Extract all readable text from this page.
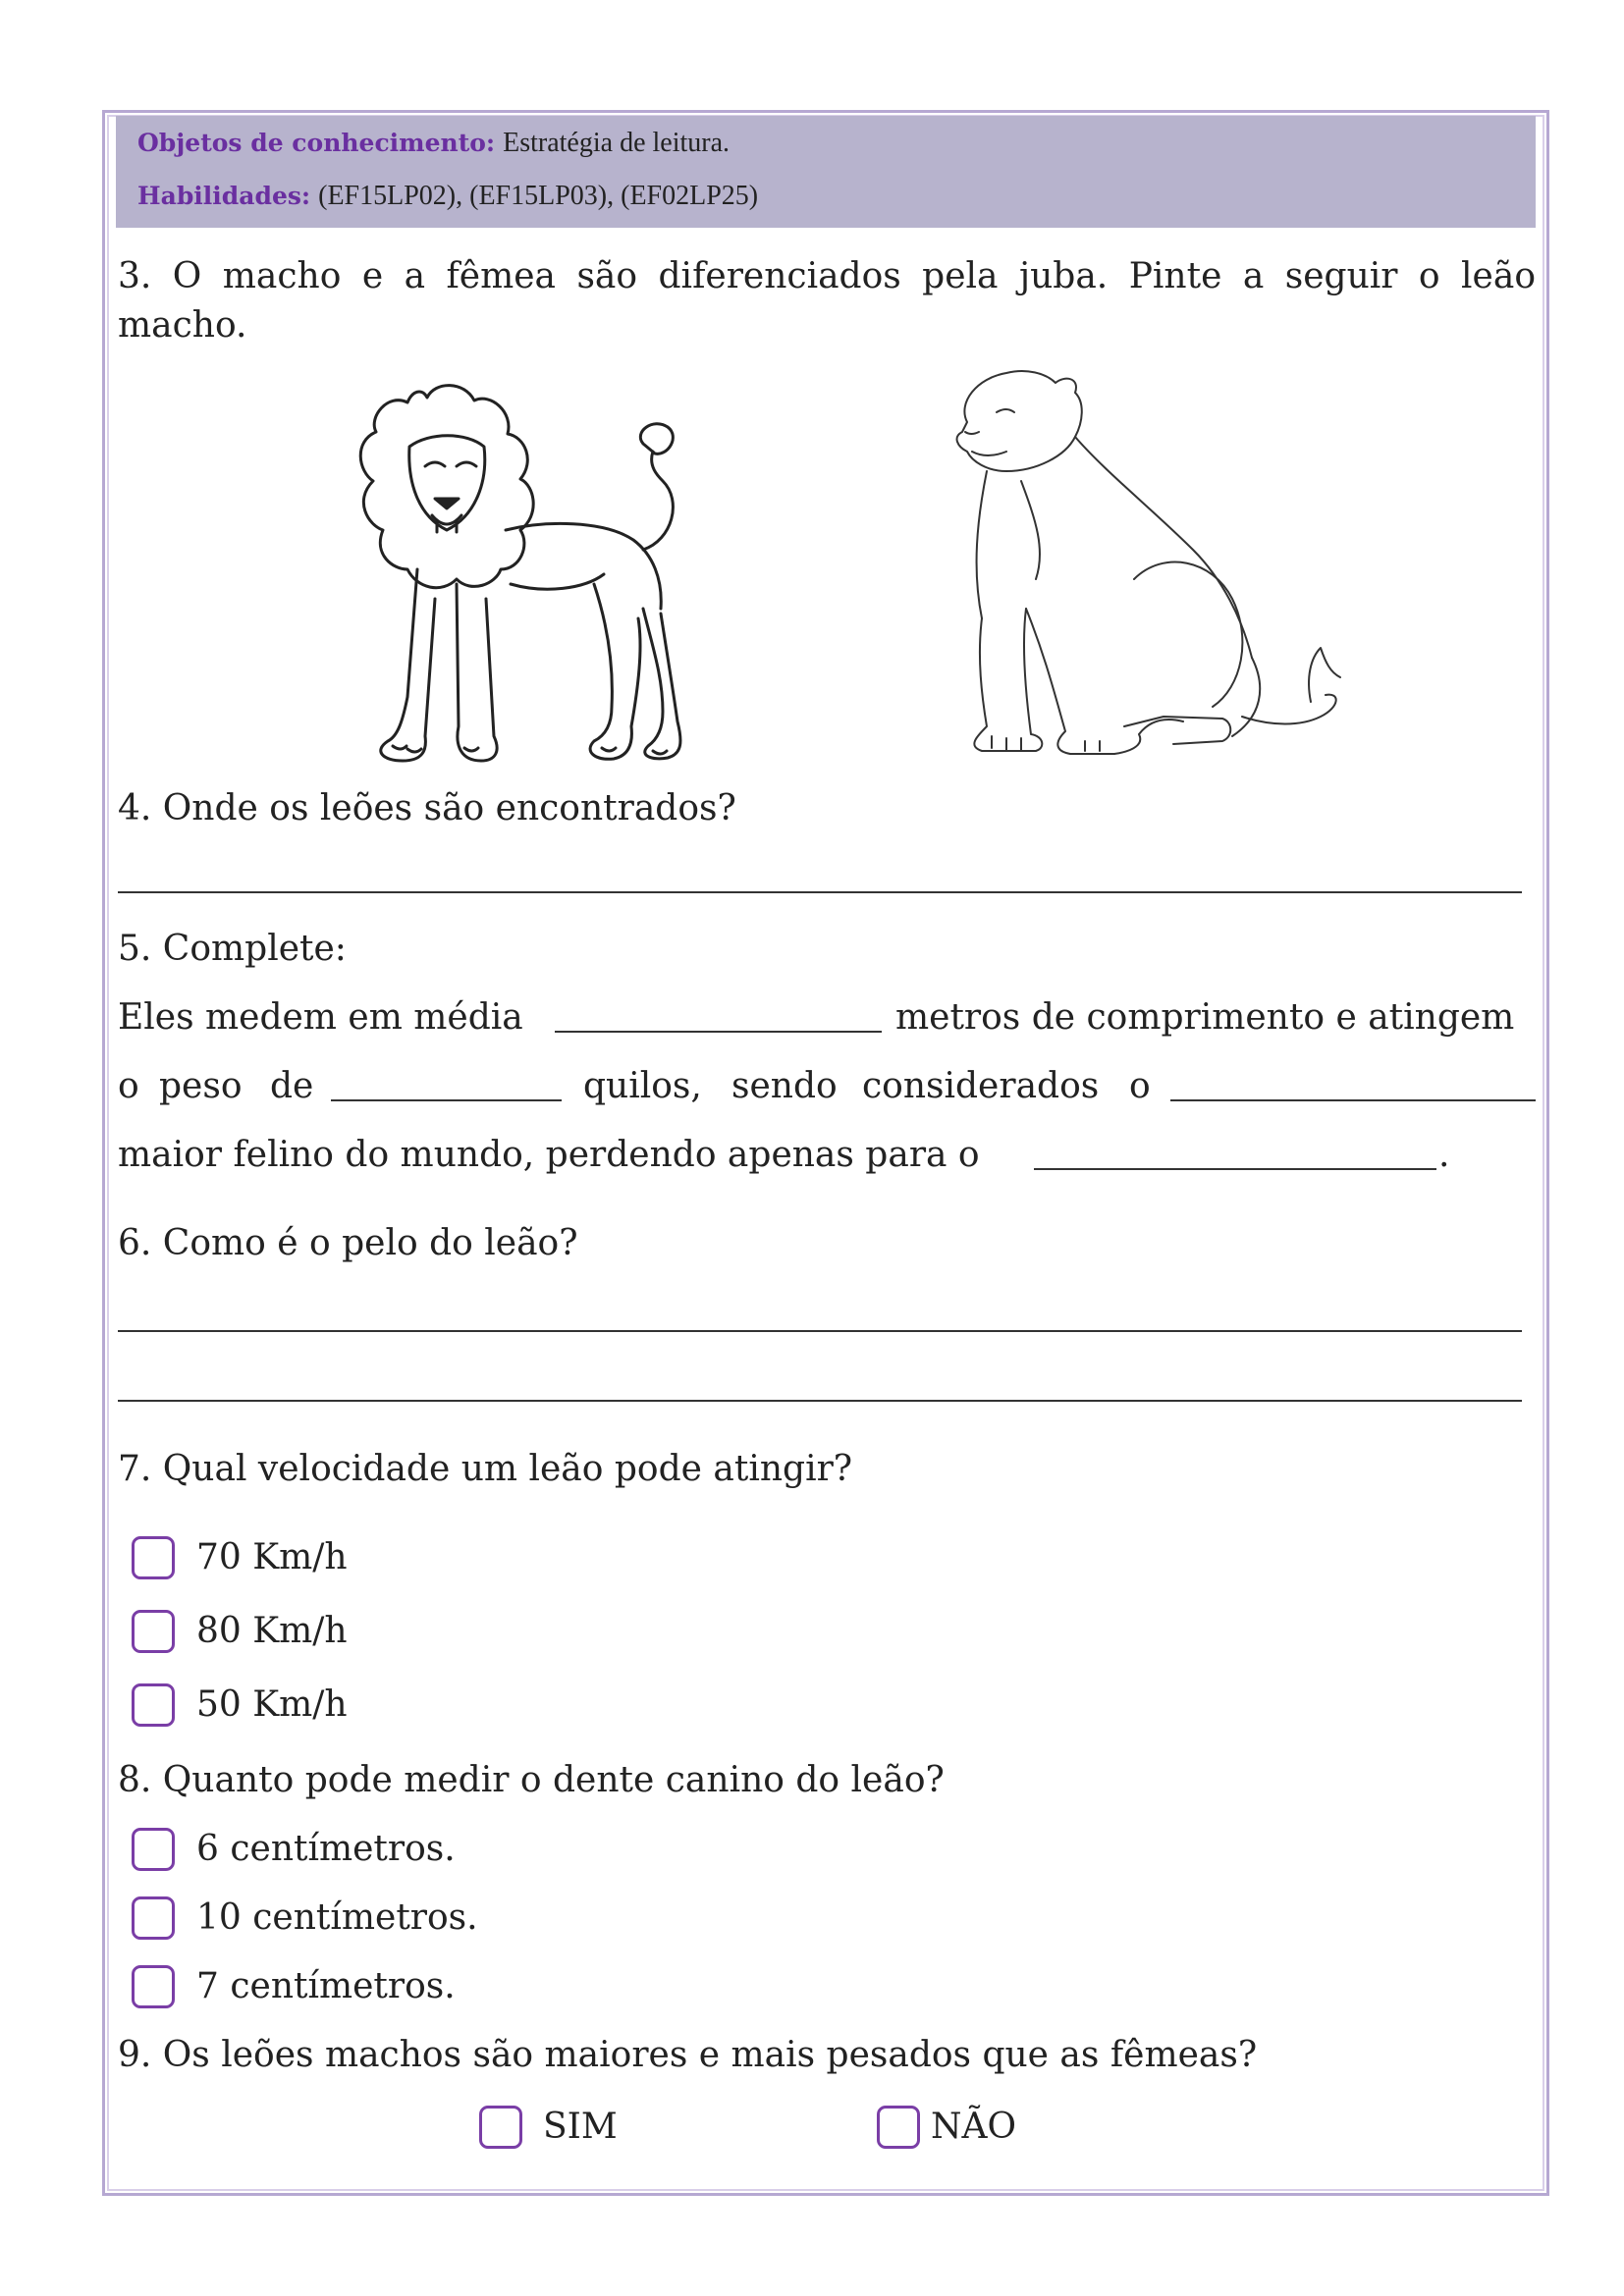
Objetos de conhecimento: Estratégia de leitura.
Habilidades: (EF15LP02), (EF15LP03), (EF02LP25)
3. O macho e a fêmea são diferenciados pela juba. Pinte a seguir o leão
macho.
4. Onde os leões são encontrados?
5. Complete:
Eles medem em média	metros de comprimento e atingem
o peso de	quilos, sendo considerados o
maior felino do mundo, perdendo apenas para o	.
6. Como é o pelo do leão?
7. Qual velocidade um leão pode atingir?
70 Km/h
80 Km/h
50 Km/h
8. Quanto pode medir o dente canino do leão?
6 centímetros.
10 centímetros.
7 centímetros.
9. Os leões machos são maiores e mais pesados que as fêmeas?
SIM	NÃO
